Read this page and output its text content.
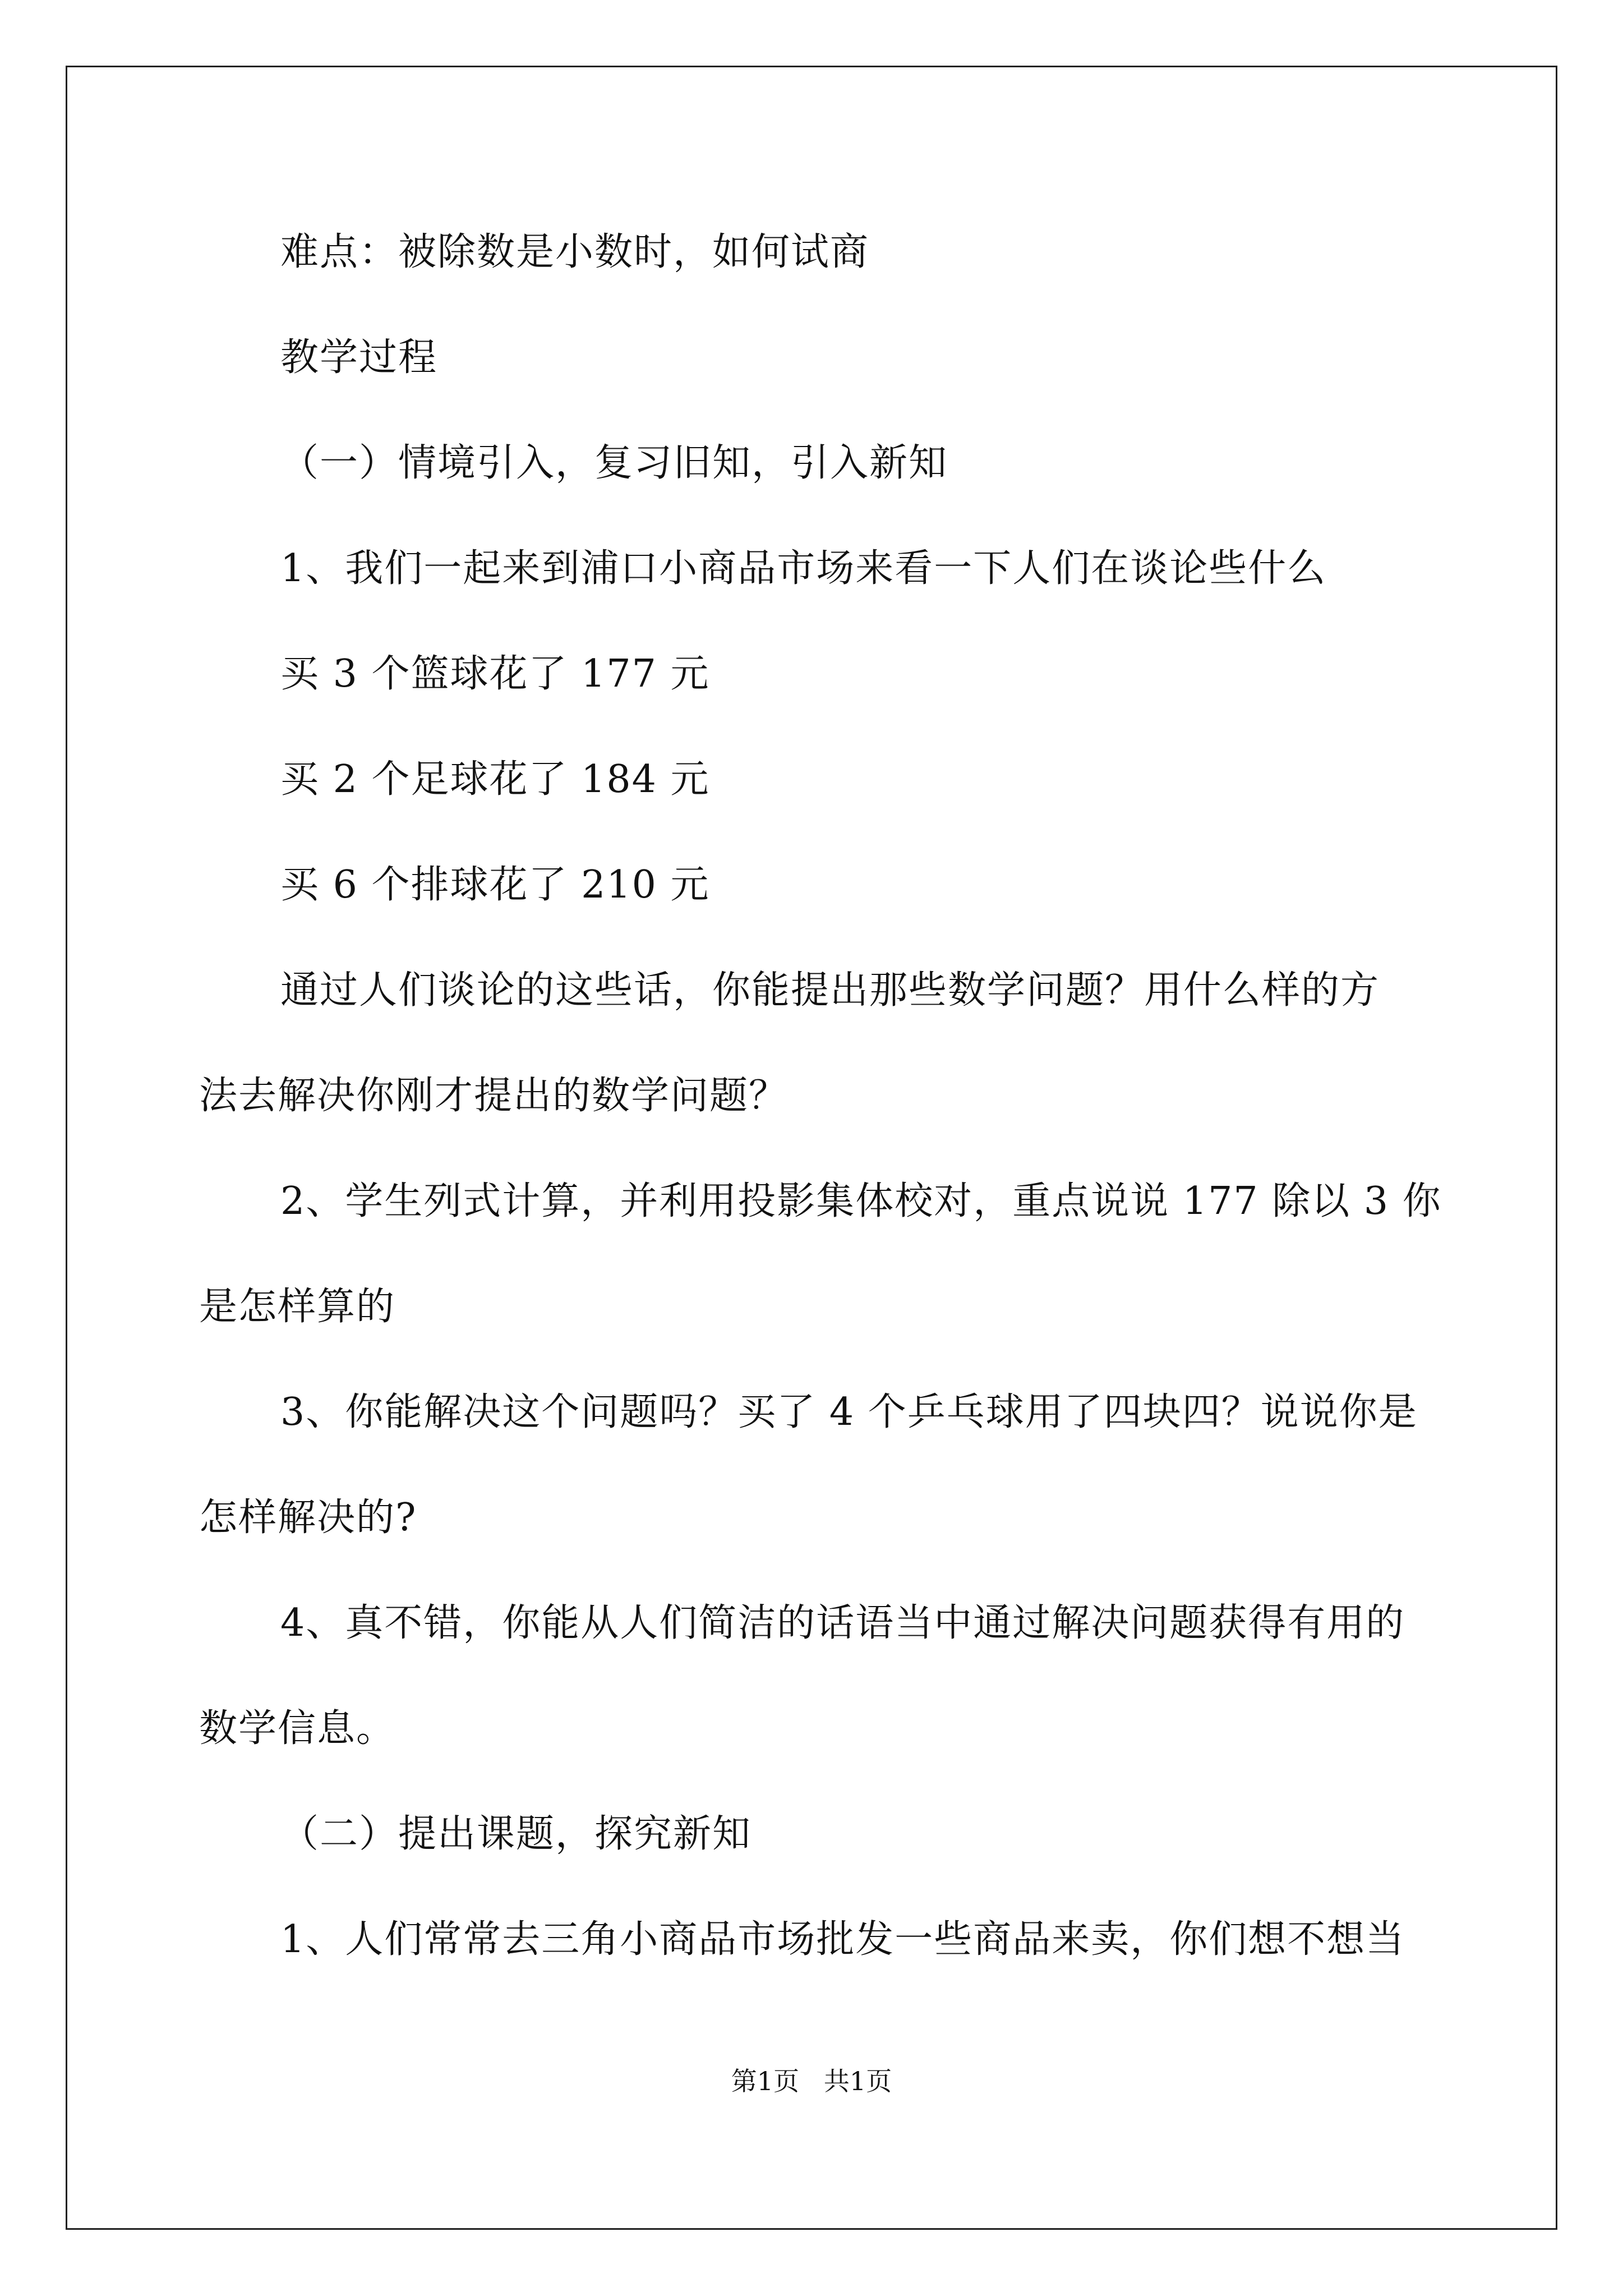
难点：被除数是小数时，如何试商
教学过程
（一）情境引入，复习旧知，引入新知
1、我们一起来到浦口小商品市场来看一下人们在谈论些什么
买 3 个篮球花了 177 元
买 2 个足球花了 184 元
买 6 个排球花了 210 元
通过人们谈论的这些话，你能提出那些数学问题？用什么样的方
法去解决你刚才提出的数学问题？
2、学生列式计算，并利用投影集体校对，重点说说 177 除以 3 你
是怎样算的
3、你能解决这个问题吗？买了 4 个乒乓球用了四块四？说说你是
怎样解决的?
4、真不错，你能从人们简洁的话语当中通过解决问题获得有用的
数学信息。
（二）提出课题，探究新知
1、人们常常去三角小商品市场批发一些商品来卖，你们想不想当
第1页   共1页
